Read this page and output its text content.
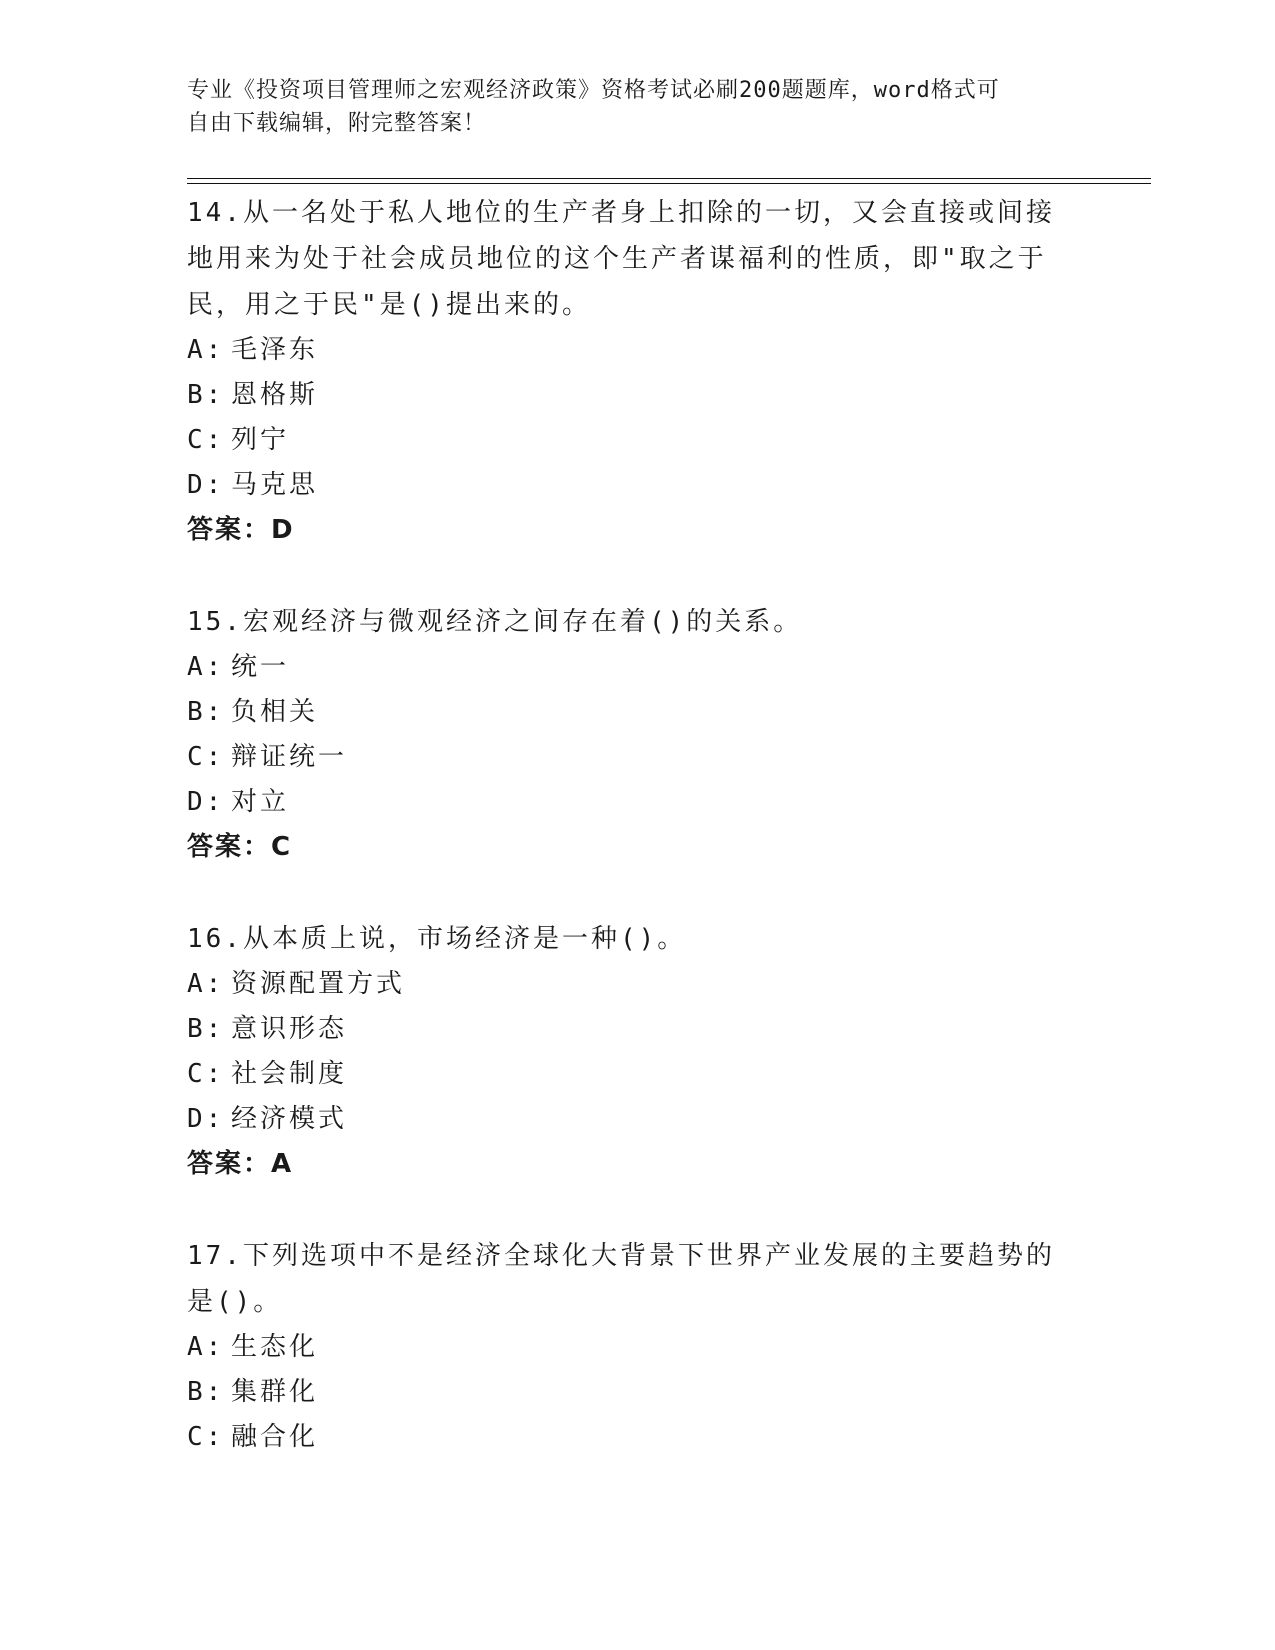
专业《投资项目管理师之宏观经济政策》资格考试必刷200题题库，word格式可
自由下载编辑，附完整答案！
14.从一名处于私人地位的生产者身上扣除的一切，又会直接或间接地用来为处于社会成员地位的这个生产者谋福利的性质，即"取之于民，用之于民"是()提出来的。
A: 毛泽东
B: 恩格斯
C: 列宁
D: 马克思
答案：D
15.宏观经济与微观经济之间存在着()的关系。
A: 统一
B: 负相关
C: 辩证统一
D: 对立
答案：C
16.从本质上说，市场经济是一种()。
A: 资源配置方式
B: 意识形态
C: 社会制度
D: 经济模式
答案：A
17.下列选项中不是经济全球化大背景下世界产业发展的主要趋势的是()。
A: 生态化
B: 集群化
C: 融合化
